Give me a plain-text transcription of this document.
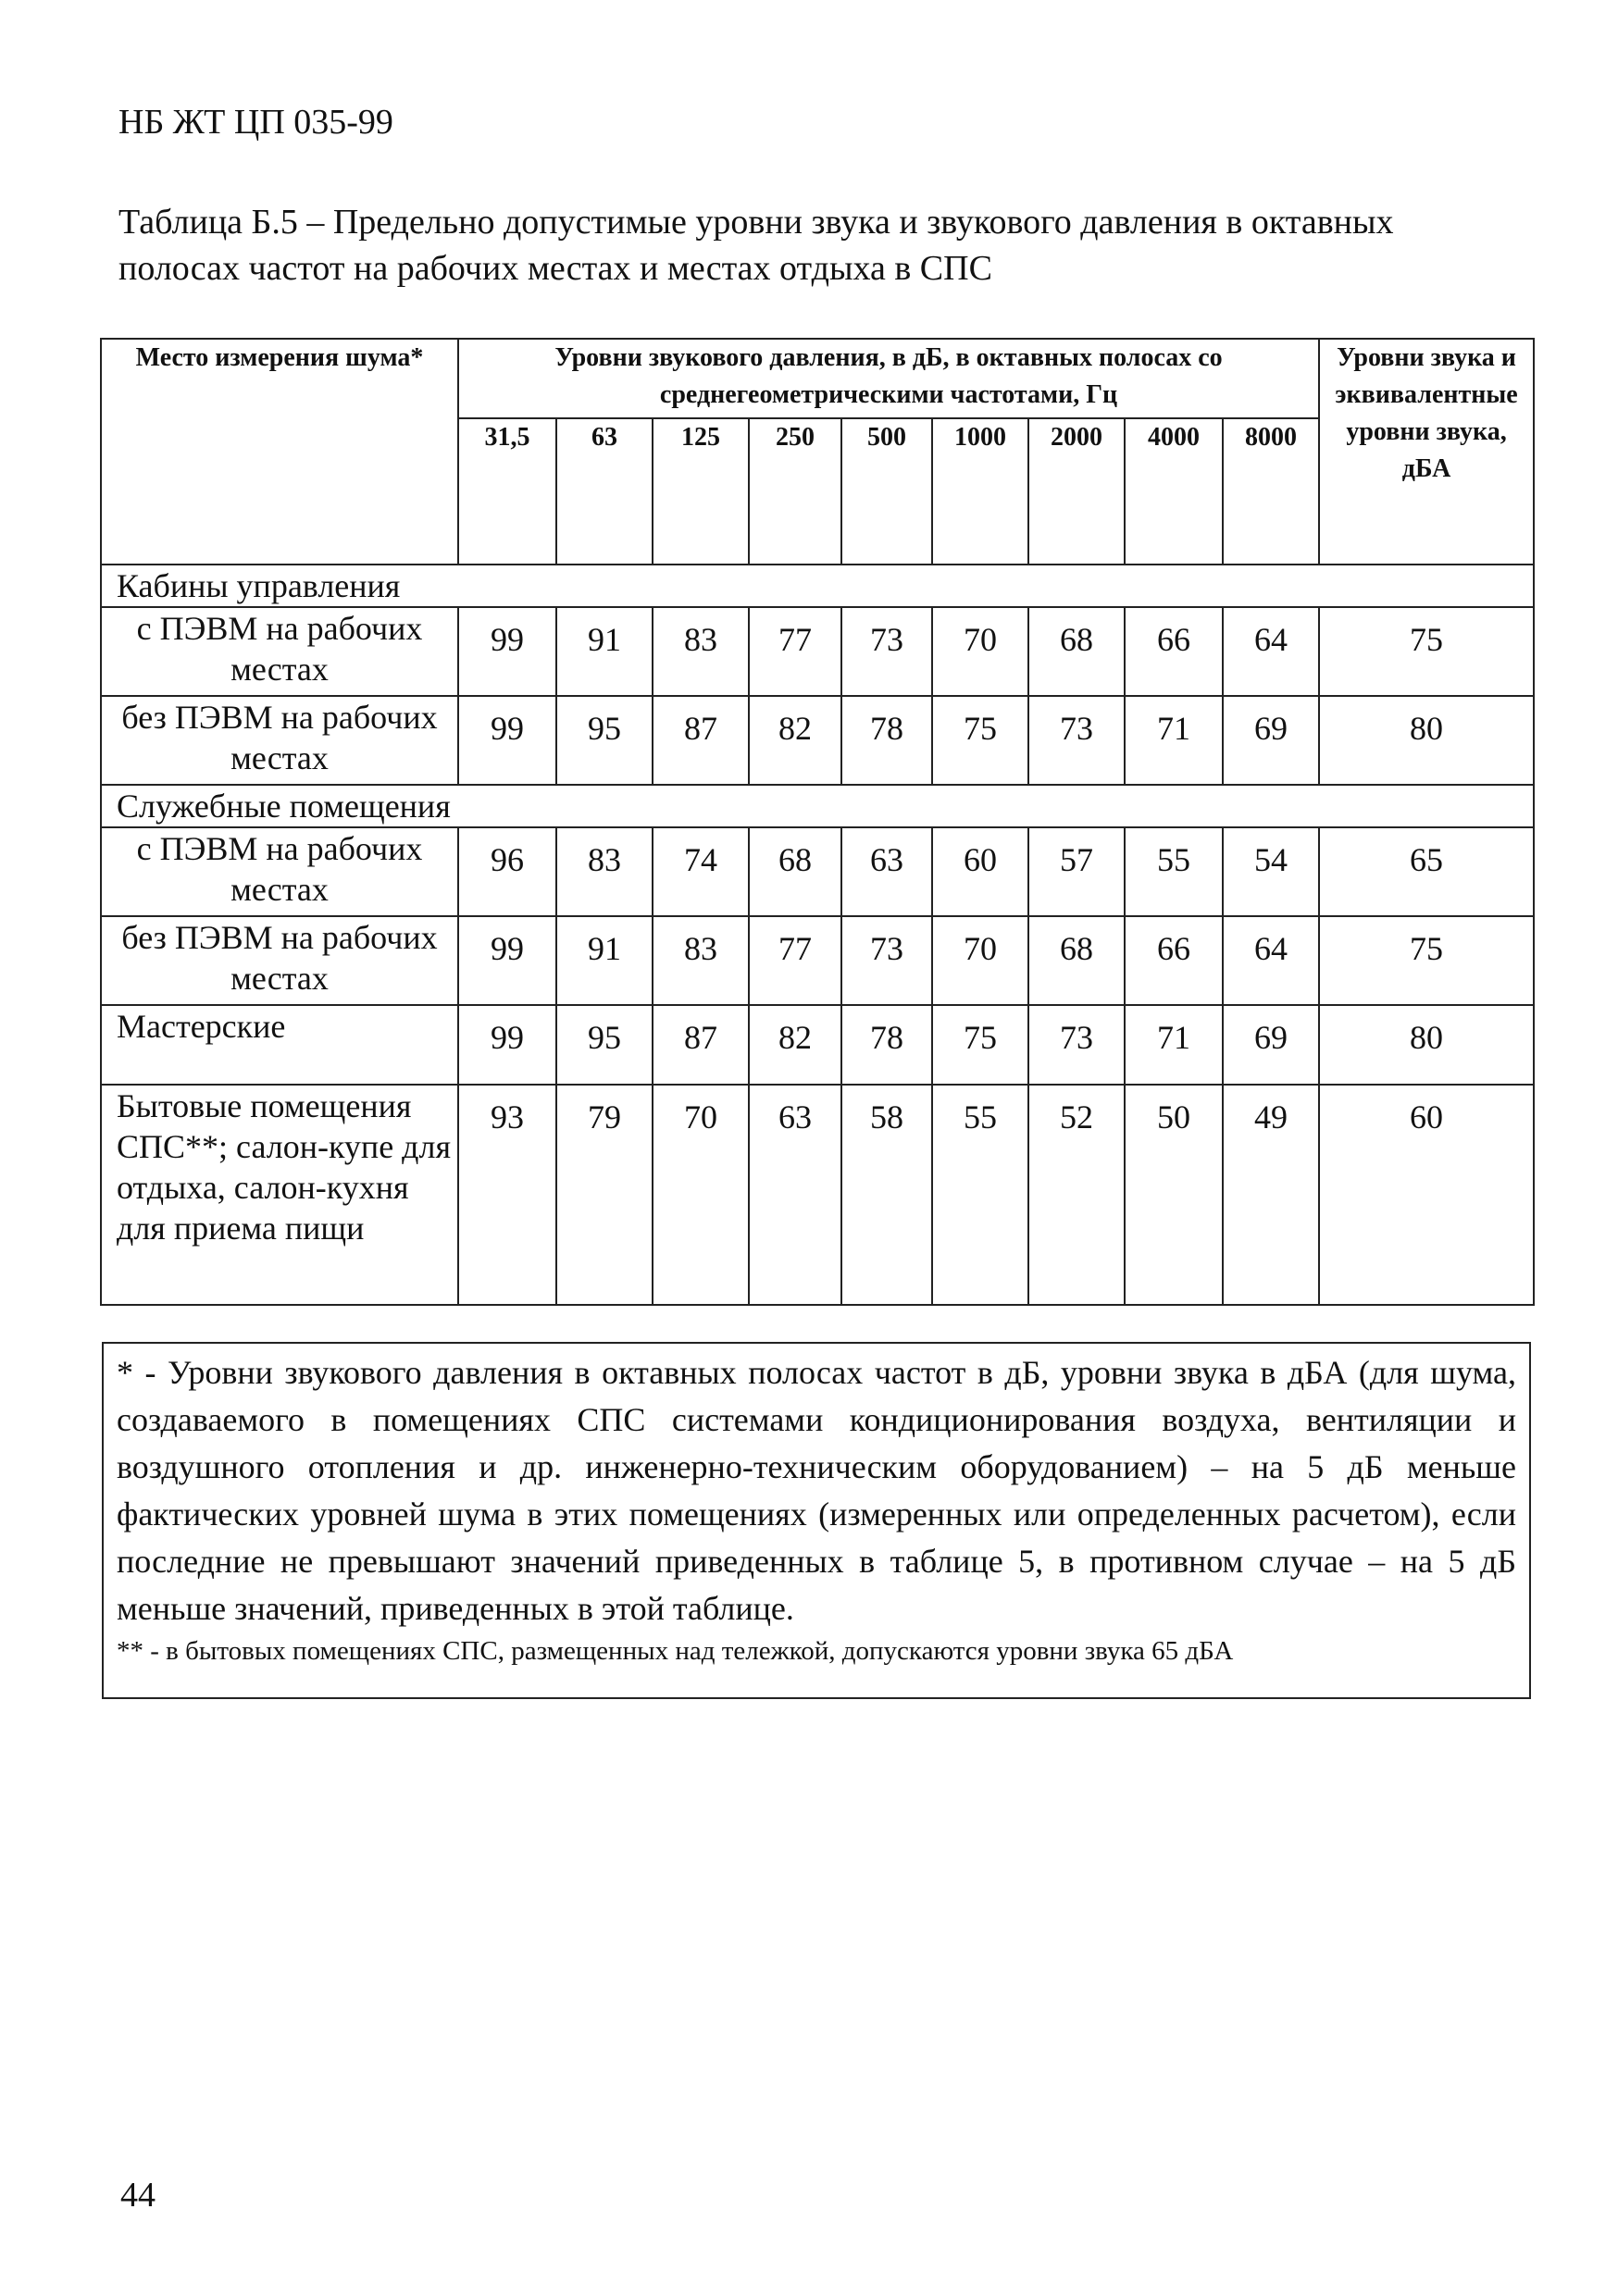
НБ ЖТ ЦП 035-99
Таблица Б.5 – Предельно допустимые уровни звука и звукового давления в октавных полосах частот на рабочих местах и местах отдыха в СПС
Место измерения шума*	Уровни звукового давления, в дБ, в октавных полосах со среднегеометрическими частотами, Гц									Уровни звука и эквивалентные уровни звука, дБА
	31,5	63	125	250	500	1000	2000	4000	8000	
Кабины управления										
с ПЭВМ на рабочих местах	99	91	83	77	73	70	68	66	64	75
без ПЭВМ на рабочих местах	99	95	87	82	78	75	73	71	69	80
Служебные помещения										
с ПЭВМ на рабочих местах	96	83	74	68	63	60	57	55	54	65
без ПЭВМ на рабочих местах	99	91	83	77	73	70	68	66	64	75
Мастерские	99	95	87	82	78	75	73	71	69	80
Бытовые помещения СПС**; салон-купе для отдыха, салон-кухня для приема пищи	93	79	70	63	58	55	52	50	49	60
* - Уровни звукового давления в октавных полосах частот в дБ, уровни звука в дБА (для шума, создаваемого в помещениях СПС системами кондиционирования воздуха, вентиляции и воздушного отопления и др. инженерно-техническим оборудованием) – на 5 дБ меньше фактических уровней шума в этих помещениях (измеренных или определенных расчетом), если последние не превышают значений приведенных в таблице 5, в противном случае – на 5 дБ меньше значений, приведенных в этой таблице.
** - в бытовых помещениях СПС, размещенных над тележкой, допускаются уровни звука 65 дБА
44
